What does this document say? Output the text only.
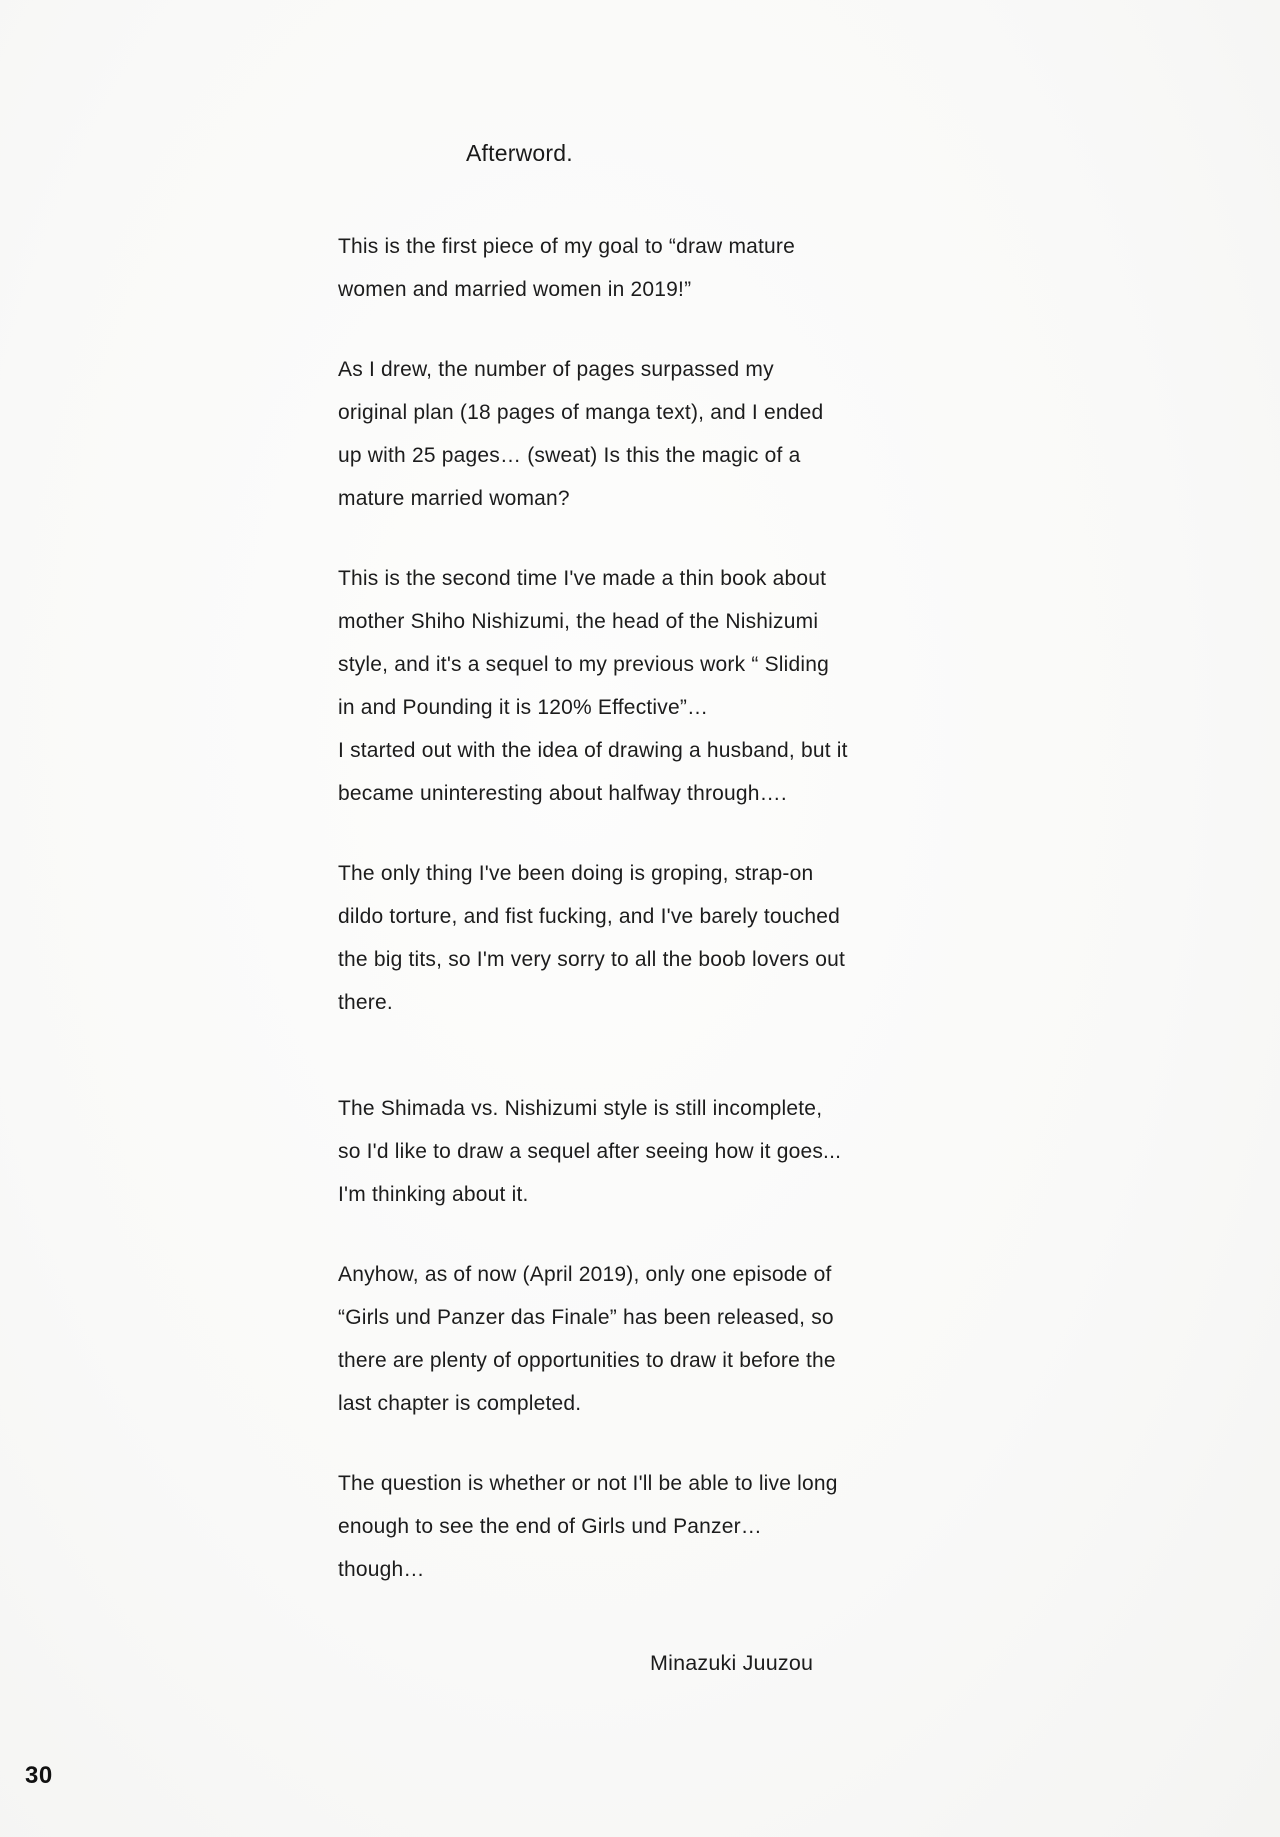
Afterword.
This is the first piece of my goal to “draw mature
women and married women in 2019!”
As I drew, the number of pages surpassed my
original plan (18 pages of manga text), and I ended
up with 25 pages… (sweat) Is this the magic of a
mature married woman?
This is the second time I've made a thin book about
mother Shiho Nishizumi, the head of the Nishizumi
style, and it's a sequel to my previous work “ Sliding
in and Pounding it is 120% Effective”…
I started out with the idea of drawing a husband, but it
became uninteresting about halfway through….
The only thing I've been doing is groping, strap-on
dildo torture, and fist fucking, and I've barely touched
the big tits, so I'm very sorry to all the boob lovers out
there.
The Shimada vs. Nishizumi style is still incomplete,
so I'd like to draw a sequel after seeing how it goes...
I'm thinking about it.
Anyhow, as of now (April 2019), only one episode of
“Girls und Panzer das Finale” has been released, so
there are plenty of opportunities to draw it before the
last chapter is completed.
The question is whether or not I'll be able to live long
enough to see the end of Girls und Panzer…
though…
Minazuki Juuzou
30
